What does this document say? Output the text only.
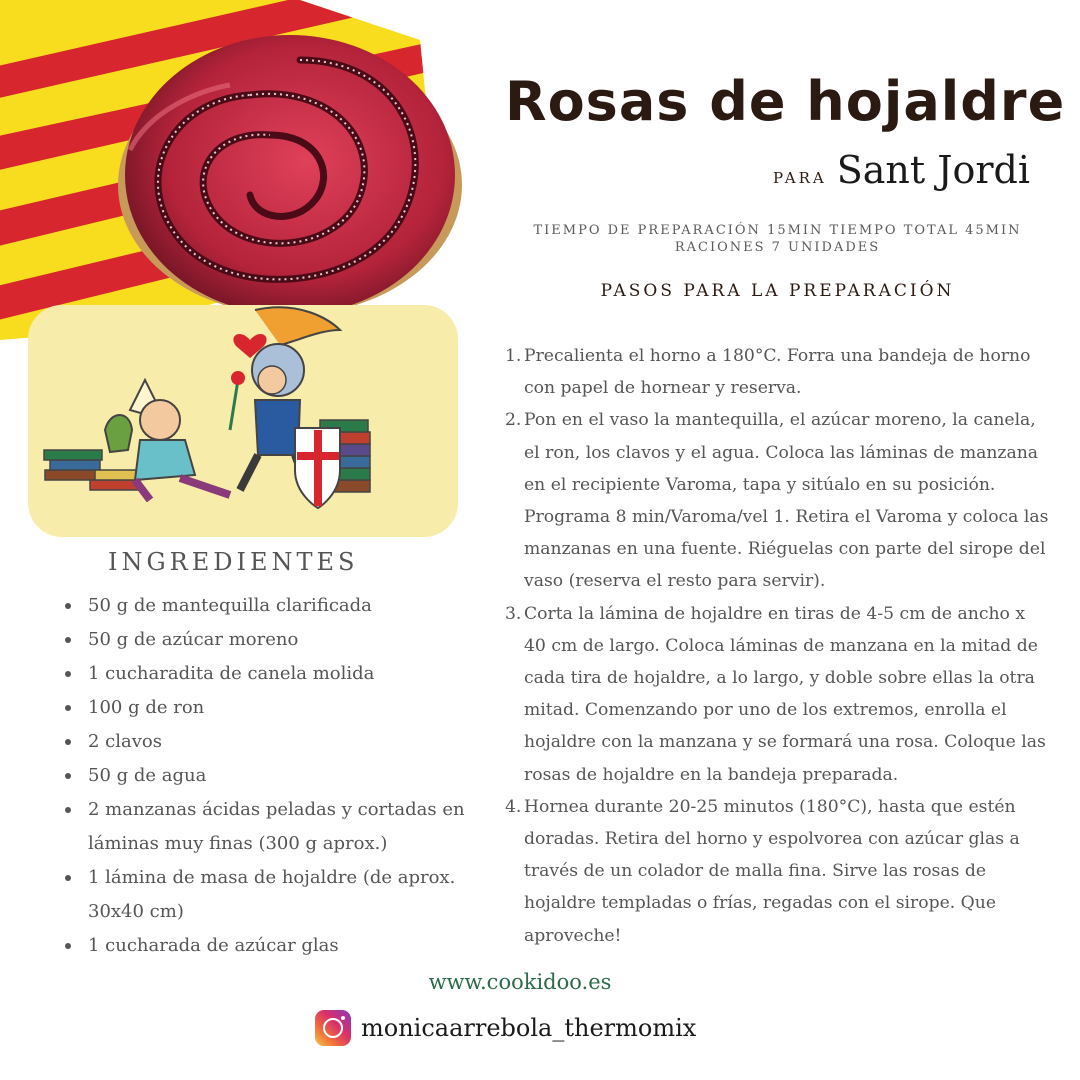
Rosas de hojaldre
PARA Sant Jordi
TIEMPO DE PREPARACIÓN 15MIN TIEMPO TOTAL 45MIN
RACIONES 7 UNIDADES
PASOS PARA LA PREPARACIÓN
1. Precalienta el horno a 180°C. Forra una bandeja de horno con papel de hornear y reserva.
2. Pon en el vaso la mantequilla, el azúcar moreno, la canela, el ron, los clavos y el agua. Coloca las láminas de manzana en el recipiente Varoma, tapa y sitúalo en su posición. Programa 8 min/Varoma/vel 1. Retira el Varoma y coloca las manzanas en una fuente. Riéguelas con parte del sirope del vaso (reserva el resto para servir).
3. Corta la lámina de hojaldre en tiras de 4-5 cm de ancho x 40 cm de largo. Coloca láminas de manzana en la mitad de cada tira de hojaldre, a lo largo, y doble sobre ellas la otra mitad. Comenzando por uno de los extremos, enrolla el hojaldre con la manzana y se formará una rosa. Coloque las rosas de hojaldre en la bandeja preparada.
4. Hornea durante 20-25 minutos (180°C), hasta que estén doradas. Retira del horno y espolvorea con azúcar glas a través de un colador de malla fina. Sirve las rosas de hojaldre templadas o frías, regadas con el sirope. Que aproveche!
INGREDIENTES
50 g de mantequilla clarificada
50 g de azúcar moreno
1 cucharadita de canela molida
100 g de ron
2 clavos
50 g de agua
2 manzanas ácidas peladas y cortadas en láminas muy finas (300 g aprox.)
1 lámina de masa de hojaldre (de aprox. 30x40 cm)
1 cucharada de azúcar glas
www.cookidoo.es
monicaarrebola_thermomix
